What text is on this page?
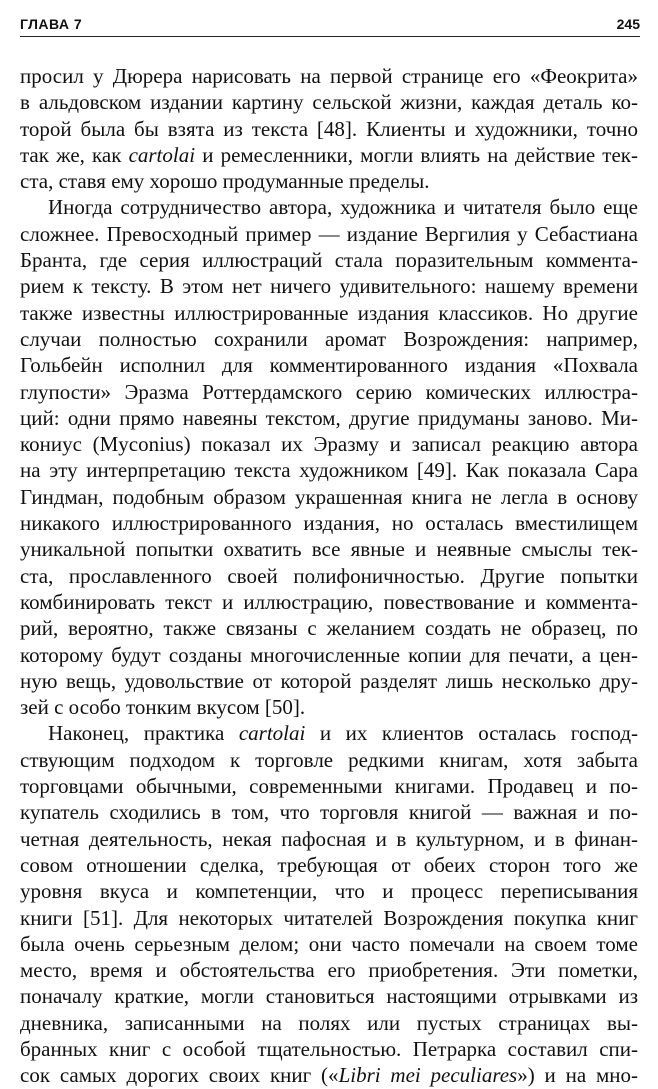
ГЛАВА 7	245
просил у Дюрера нарисовать на первой странице его «Феокрита»
в альдовском издании картину сельской жизни, каждая деталь ко-
торой была бы взята из текста [48]. Клиенты и художники, точно
так же, как cartolai и ремесленники, могли влиять на действие тек-
ста, ставя ему хорошо продуманные пределы.
Иногда сотрудничество автора, художника и читателя было еще
сложнее. Превосходный пример — издание Вергилия у Себастиана
Бранта, где серия иллюстраций стала поразительным коммента-
рием к тексту. В этом нет ничего удивительного: нашему времени
также известны иллюстрированные издания классиков. Но другие
случаи полностью сохранили аромат Возрождения: например,
Гольбейн исполнил для комментированного издания «Похвала
глупости» Эразма Роттердамского серию комических иллюстра-
ций: одни прямо навеяны текстом, другие придуманы заново. Ми-
кониус (Myconius) показал их Эразму и записал реакцию автора
на эту интерпретацию текста художником [49]. Как показала Сара
Гиндман, подобным образом украшенная книга не легла в основу
никакого иллюстрированного издания, но осталась вместилищем
уникальной попытки охватить все явные и неявные смыслы тек-
ста, прославленного своей полифоничностью. Другие попытки
комбинировать текст и иллюстрацию, повествование и коммента-
рий, вероятно, также связаны с желанием создать не образец, по
которому будут созданы многочисленные копии для печати, а цен-
ную вещь, удовольствие от которой разделят лишь несколько дру-
зей с особо тонким вкусом [50].
Наконец, практика cartolai и их клиентов осталась господ-
ствующим подходом к торговле редкими книгам, хотя забыта
торговцами обычными, современными книгами. Продавец и по-
купатель сходились в том, что торговля книгой — важная и по-
четная деятельность, некая пафосная и в культурном, и в финан-
совом отношении сделка, требующая от обеих сторон того же
уровня вкуса и компетенции, что и процесс переписывания
книги [51]. Для некоторых читателей Возрождения покупка книг
была очень серьезным делом; они часто помечали на своем томе
место, время и обстоятельства его приобретения. Эти пометки,
поначалу краткие, могли становиться настоящими отрывками из
дневника, записанными на полях или пустых страницах вы-
бранных книг с особой тщательностью. Петрарка составил спи-
сок самых дорогих своих книг («Libri mei peculiares») и на мно-
